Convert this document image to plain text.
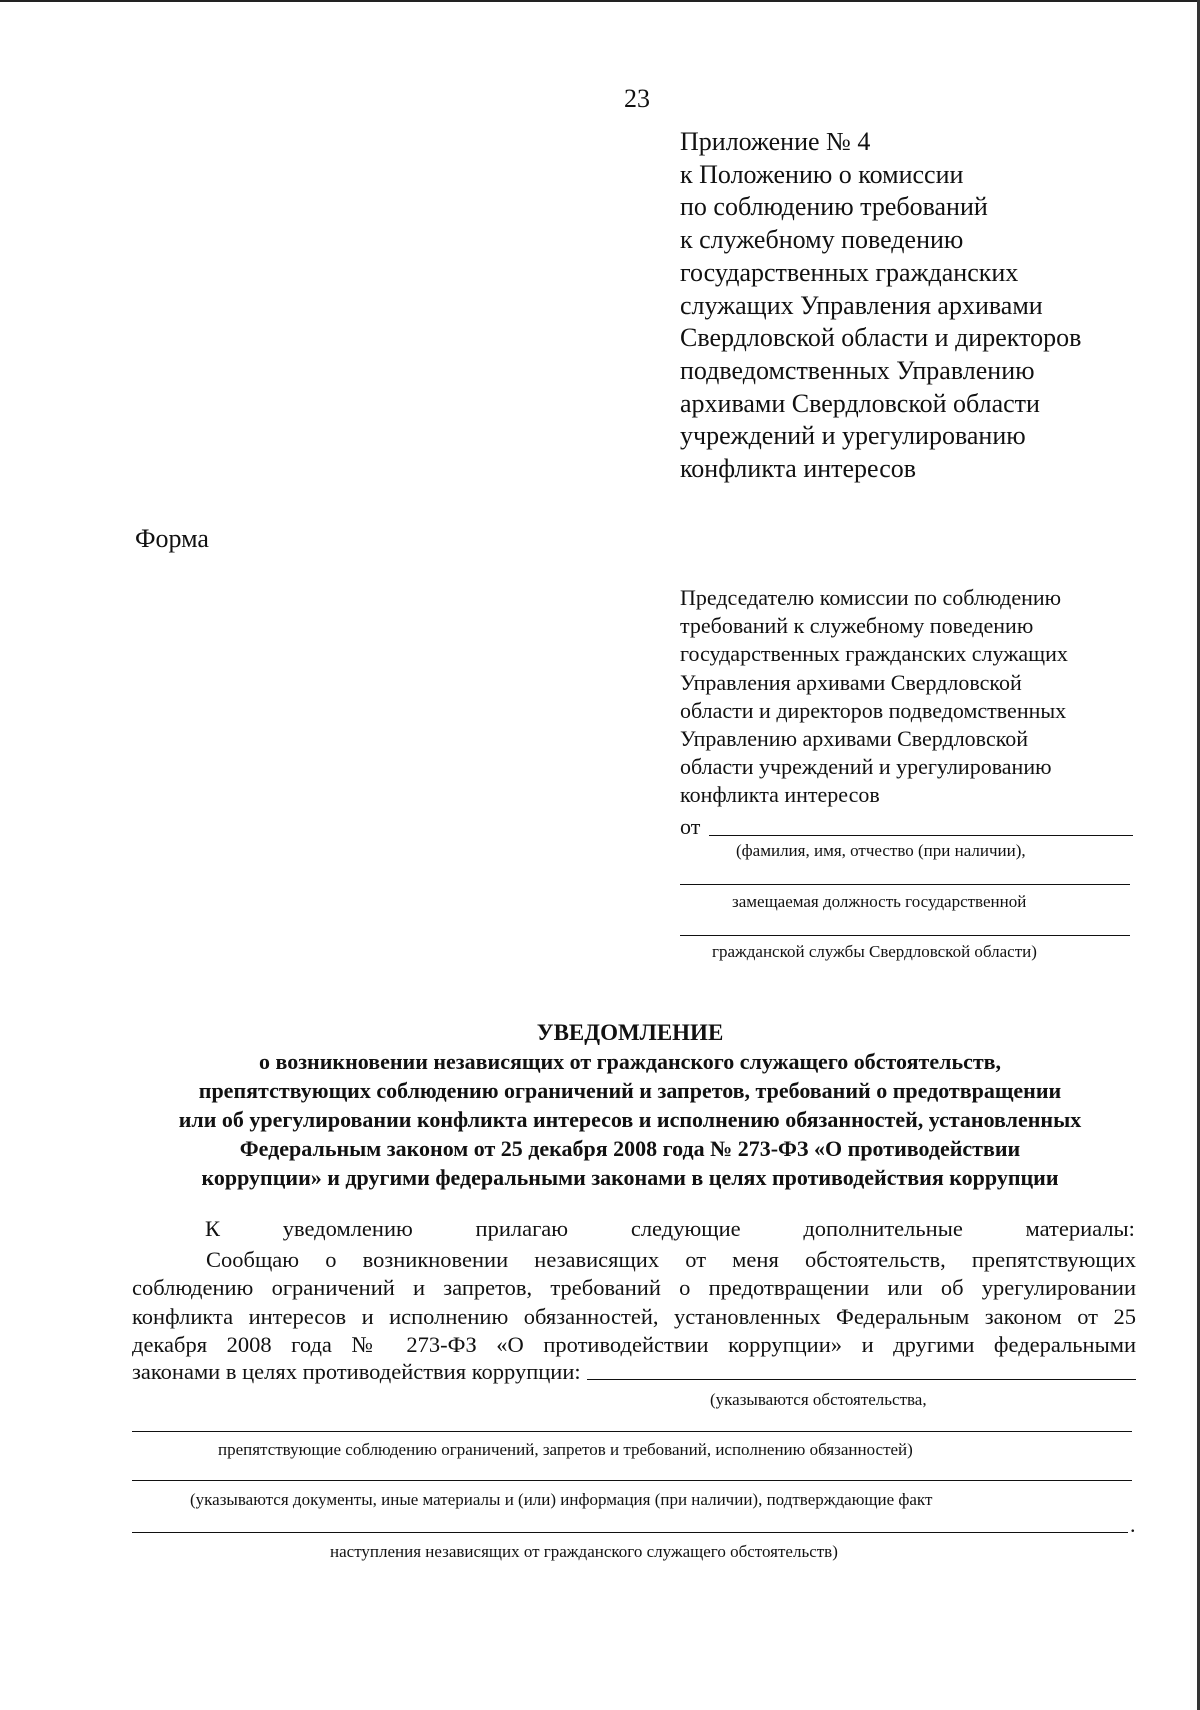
23
Приложение № 4
к Положению о комиссии
по соблюдению требований
к служебному поведению
государственных гражданских
служащих Управления архивами
Свердловской области и директоров
подведомственных Управлению
архивами Свердловской области
учреждений и урегулированию
конфликта интересов
Форма
Председателю комиссии по соблюдению
требований к служебному поведению
государственных гражданских служащих
Управления архивами Свердловской
области и директоров подведомственных
Управлению архивами Свердловской
области учреждений и урегулированию
конфликта интересов
от
(фамилия, имя, отчество (при наличии),
замещаемая должность государственной
гражданской службы Свердловской области)
УВЕДОМЛЕНИЕ
о возникновении независящих от гражданского служащего обстоятельств,
препятствующих соблюдению ограничений и запретов, требований о предотвращении
или об урегулировании конфликта интересов и исполнению обязанностей, установленных
Федеральным законом от 25 декабря 2008 года № 273-ФЗ «О противодействии
коррупции» и другими федеральными законами в целях противодействия коррупции
Сообщаю о возникновении независящих от меня обстоятельств, препятствующих
соблюдению ограничений и запретов, требований о предотвращении или об урегулировании
конфликта интересов и исполнению обязанностей, установленных Федеральным законом от 25
декабря 2008 года № 273-ФЗ «О противодействии коррупции» и другими федеральными
законами в целях противодействия коррупции:
(указываются обстоятельства,
препятствующие соблюдению ограничений, запретов и требований, исполнению обязанностей)
К	уведомлению	прилагаю	следующие	дополнительные	материалы:
(указываются документы, иные материалы и (или) информация (при наличии), подтверждающие факт
.
наступления независящих от гражданского служащего обстоятельств)
